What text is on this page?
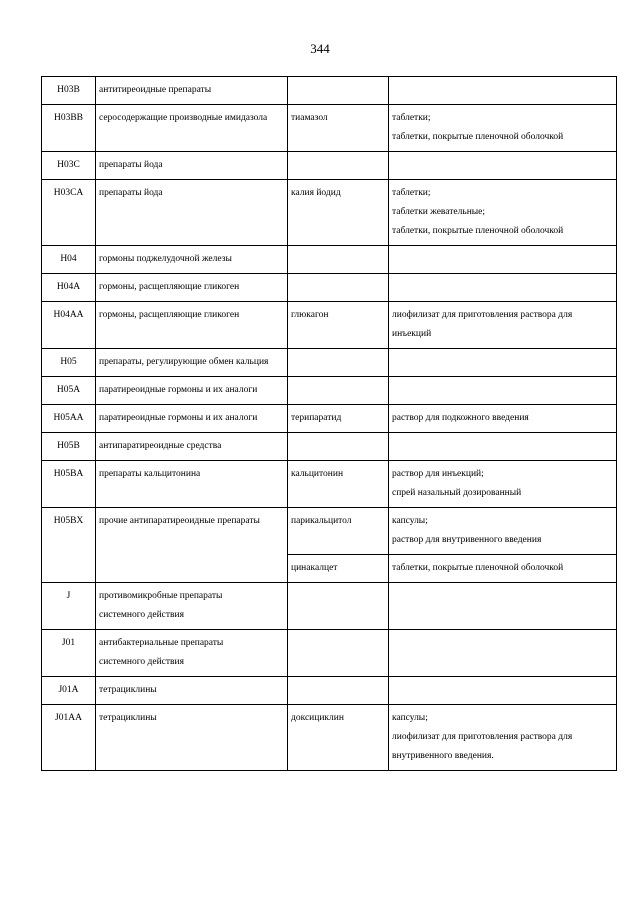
344
H03B	антитиреоидные препараты		

H03BB	серосодержащие производные имидазола	тиамазол	таблетки;
таблетки, покрытые пленочной оболочкой

H03C	препараты йода		

H03CA	препараты йода	калия йодид	таблетки;
таблетки жевательные;
таблетки, покрытые пленочной оболочкой

H04	гормоны поджелудочной железы		

H04A	гормоны, расщепляющие гликоген		

H04AA	гормоны, расщепляющие гликоген	глюкагон	лиофилизат для приготовления раствора для
инъекций

H05	препараты, регулирующие обмен кальция		

H05A	паратиреоидные гормоны и их аналоги		

H05AA	паратиреоидные гормоны и их аналоги	терипаратид	раствор для подкожного введения

H05B	антипаратиреоидные средства		

H05BA	препараты кальцитонина	кальцитонин	раствор для инъекций;
спрей назальный дозированный

H05BX	прочие антипаратиреоидные препараты	парикальцитол	капсулы;
раствор для внутривенного введения

		цинакалцет	таблетки, покрытые пленочной оболочкой

J	противомикробные препараты
системного действия		

J01	антибактериальные препараты
системного действия		

J01A	тетрациклины		

J01AA	тетрациклины	доксициклин	капсулы;
лиофилизат для приготовления раствора для
внутривенного введения.
